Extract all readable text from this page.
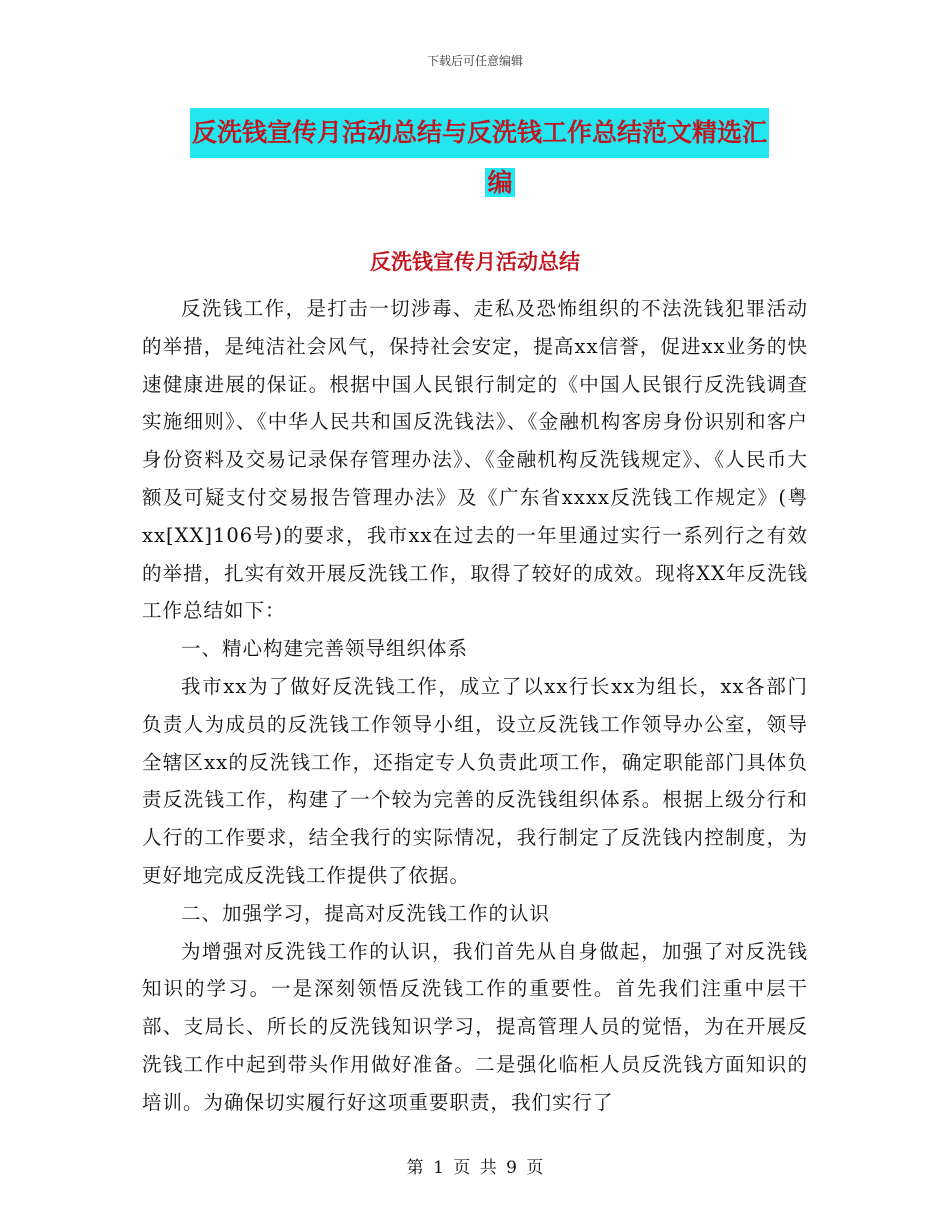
下载后可任意编辑
反洗钱宣传月活动总结与反洗钱工作总结范文精选汇
编
反洗钱宣传月活动总结

反洗钱工作，是打击一切涉毒、走私及恐怖组织的不法洗钱犯罪活动的举措，是纯洁社会风气，保持社会安定，提高xx信誉，促进xx业务的快速健康进展的保证。根据中国人民银行制定的《中国人民银行反洗钱调查实施细则》、《中华人民共和国反洗钱法》、《金融机构客房身份识别和客户身份资料及交易记录保存管理办法》、《金融机构反洗钱规定》、《人民币大额及可疑支付交易报告管理办法》及《广东省xxxx反洗钱工作规定》(粤xx[XX]106号)的要求，我市xx在过去的一年里通过实行一系列行之有效的举措，扎实有效开展反洗钱工作，取得了较好的成效。现将XX年反洗钱工作总结如下：

一、精心构建完善领导组织体系

我市xx为了做好反洗钱工作，成立了以xx行长xx为组长，xx各部门负责人为成员的反洗钱工作领导小组，设立反洗钱工作领导办公室，领导全辖区xx的反洗钱工作，还指定专人负责此项工作，确定职能部门具体负责反洗钱工作，构建了一个较为完善的反洗钱组织体系。根据上级分行和人行的工作要求，结全我行的实际情况，我行制定了反洗钱内控制度，为更好地完成反洗钱工作提供了依据。

二、加强学习，提高对反洗钱工作的认识

为增强对反洗钱工作的认识，我们首先从自身做起，加强了对反洗钱知识的学习。一是深刻领悟反洗钱工作的重要性。首先我们注重中层干部、支局长、所长的反洗钱知识学习，提高管理人员的觉悟，为在开展反洗钱工作中起到带头作用做好准备。二是强化临柜人员反洗钱方面知识的培训。为确保切实履行好这项重要职责，我们实行了

第 1 页 共 9 页
